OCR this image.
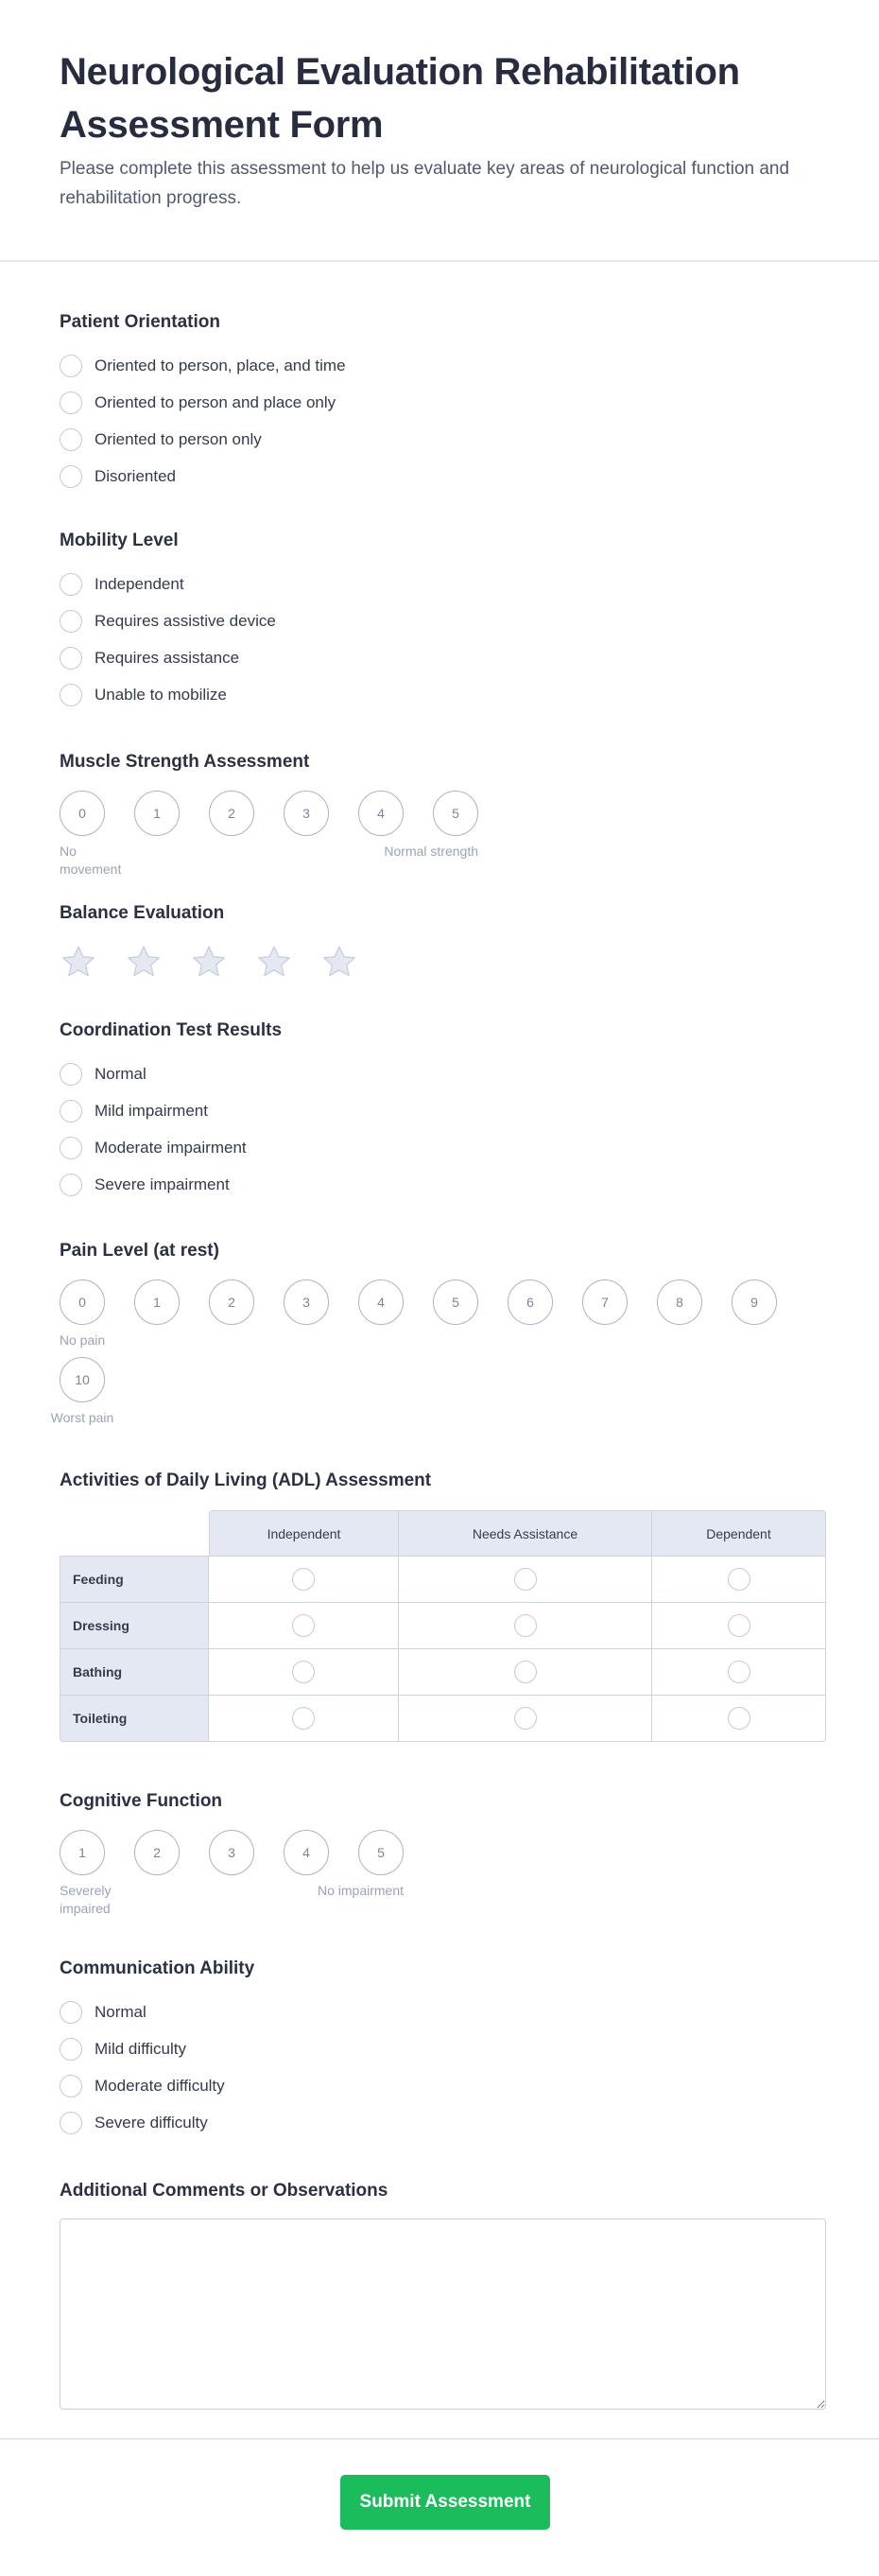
Neurological Evaluation Rehabilitation Assessment Form

Please complete this assessment to help us evaluate key areas of neurological function and rehabilitation progress.

Patient Orientation
Oriented to person, place, and time
Oriented to person and place only
Oriented to person only
Disoriented
Mobility Level
Independent
Requires assistive device
Requires assistance
Unable to mobilize
Muscle Strength Assessment
0	1	2	3	4	5
No movement
Normal strength
Balance Evaluation
Coordination Test Results
Normal
Mild impairment
Moderate impairment
Severe impairment
Pain Level (at rest)
0
No pain
1	2	3	4	5	6	7	8	9
10
Worst pain
Activities of Daily Living (ADL) Assessment
	Independent	Needs Assistance	Dependent
Feeding			
Dressing			
Bathing			
Toileting			
Cognitive Function
1	2	3	4	5
Severely impaired
No impairment
Communication Ability
Normal
Mild difficulty
Moderate difficulty
Severe difficulty
Additional Comments or Observations
Submit Assessment
